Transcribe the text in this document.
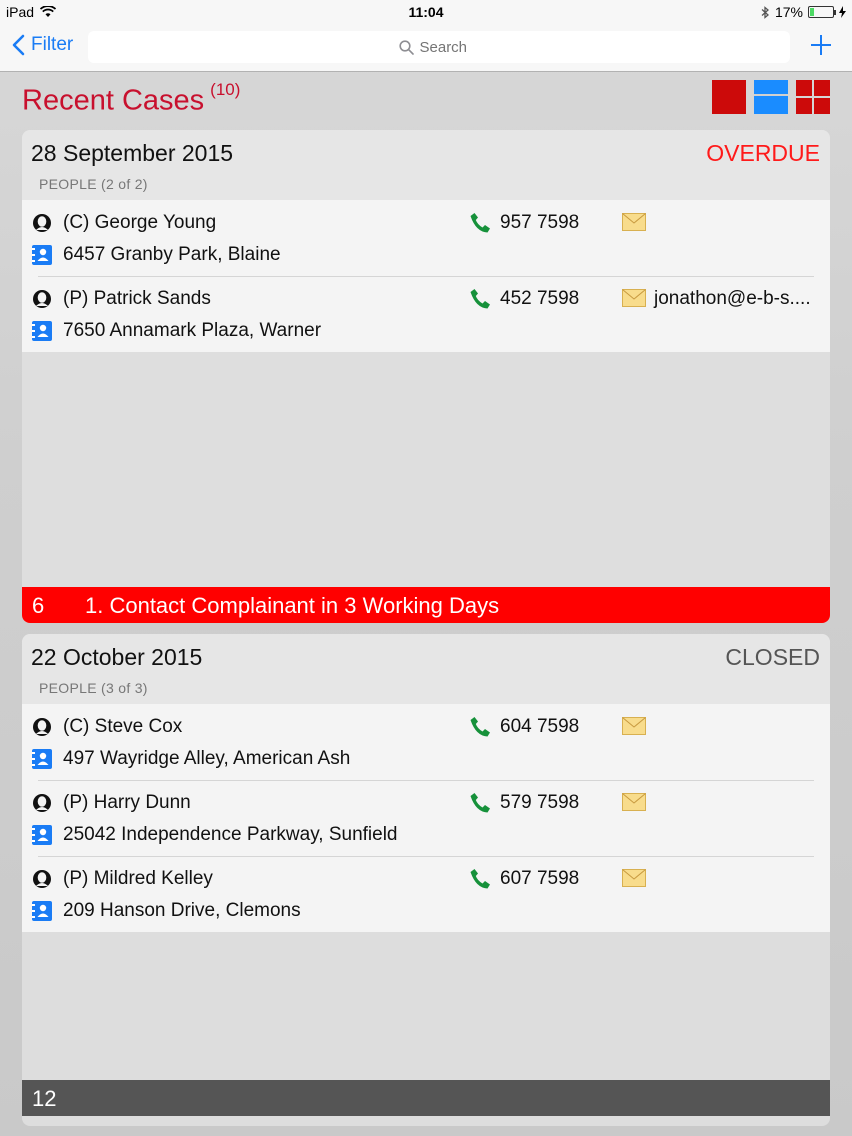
iPad	11:04	17%
Filter
Search
Recent Cases $^{(10)}$
28 September 2015	OVERDUE
PEOPLE (2 of 2)
(C) George Young
6457 Granby Park, Blaine
957 7598
(P) Patrick Sands
7650 Annamark Plaza, Warner
452 7598	jonathon@e-b-s....
6 1. Contact Complainant in 3 Working Days
22 October 2015	CLOSED
PEOPLE (3 of 3)
(C) Steve Cox
497 Wayridge Alley, American Ash
604 7598
(P) Harry Dunn
25042 Independence Parkway, Sunfield
579 7598
(P) Mildred Kelley
209 Hanson Drive, Clemons
607 7598
12
